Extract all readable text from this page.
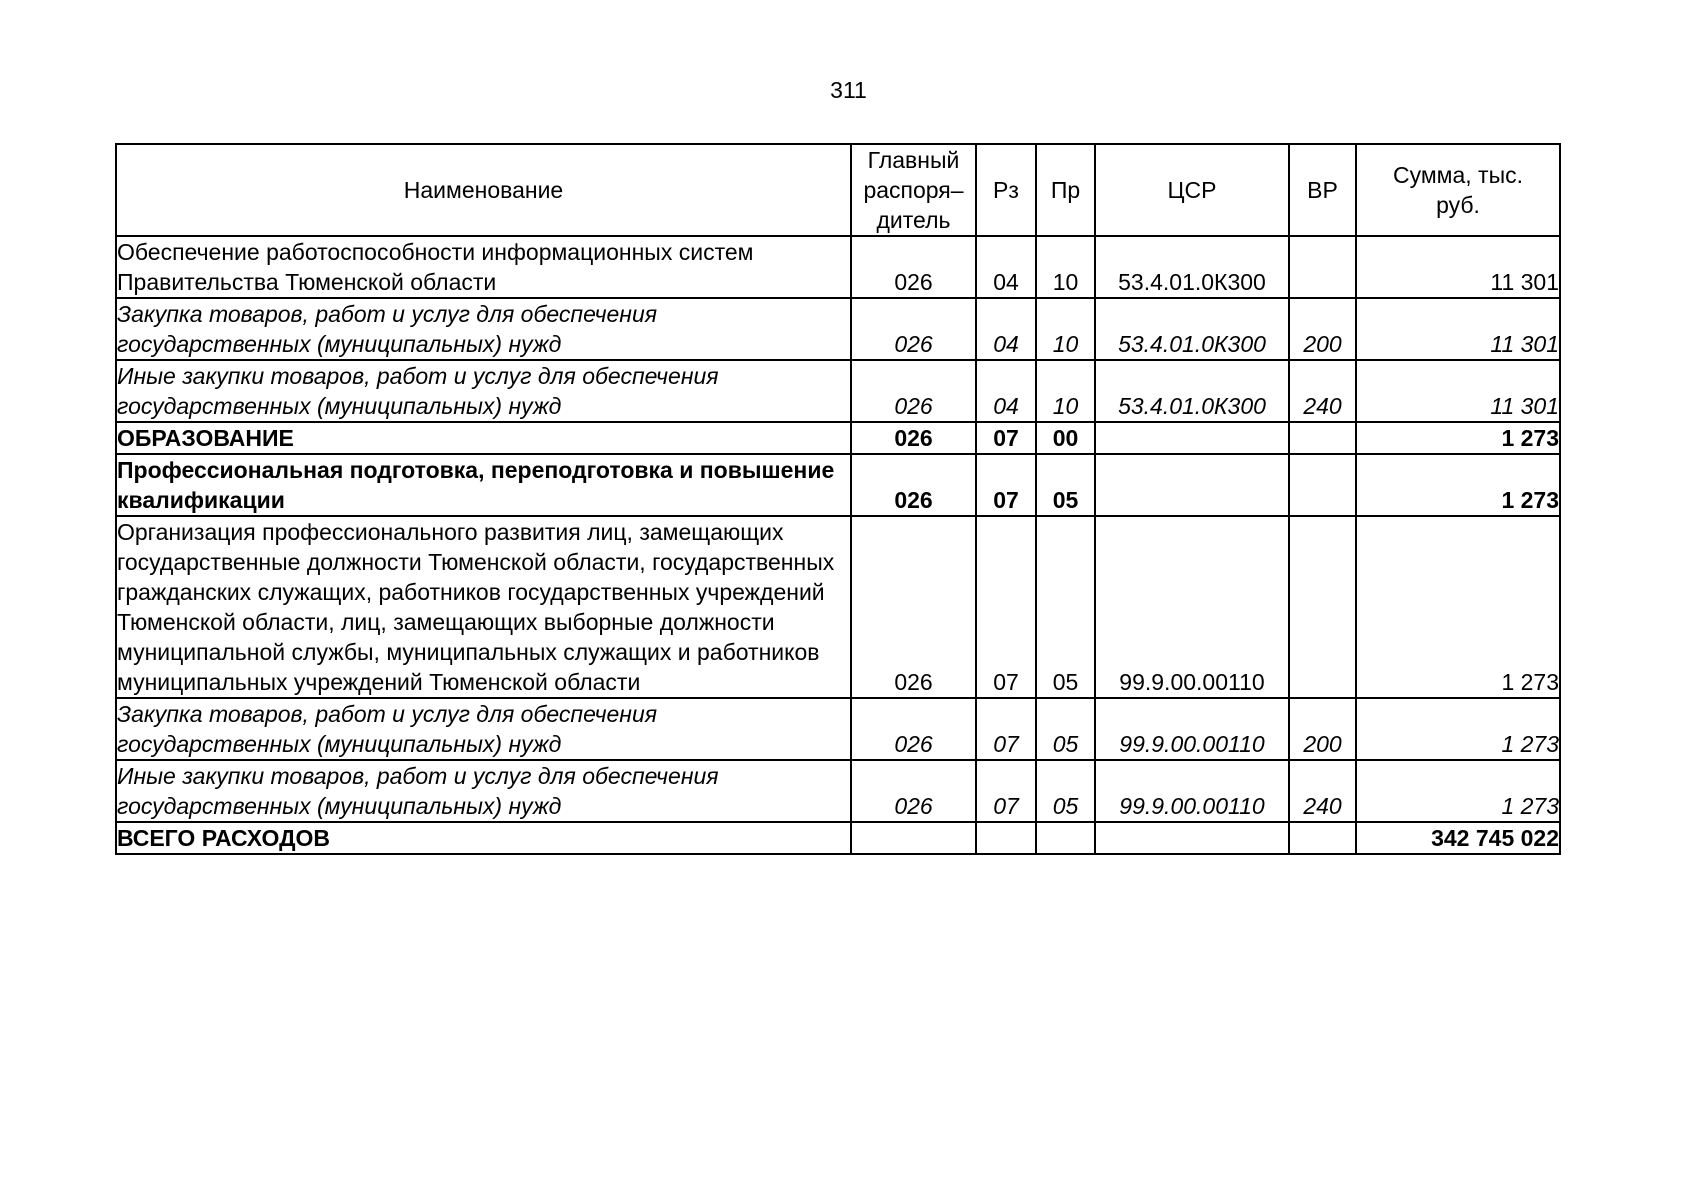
311
Наименование	Главный распоря– дитель	Рз	Пр	ЦСР	ВР	Сумма, тыс. руб.
Обеспечение работоспособности информационных систем Правительства Тюменской области	026	04	10	53.4.01.0К300		11 301
Закупка товаров, работ и услуг для обеспечения государственных (муниципальных) нужд	026	04	10	53.4.01.0К300	200	11 301
Иные закупки товаров, работ и услуг для обеспечения государственных (муниципальных) нужд	026	04	10	53.4.01.0К300	240	11 301
ОБРАЗОВАНИЕ	026	07	00			1 273
Профессиональная подготовка, переподготовка и повышение квалификации	026	07	05			1 273
Организация профессионального развития лиц, замещающих государственные должности Тюменской области, государственных гражданских служащих, работников государственных учреждений Тюменской области, лиц, замещающих выборные должности муниципальной службы, муниципальных служащих и работников муниципальных учреждений Тюменской области	026	07	05	99.9.00.00110		1 273
Закупка товаров, работ и услуг для обеспечения государственных (муниципальных) нужд	026	07	05	99.9.00.00110	200	1 273
Иные закупки товаров, работ и услуг для обеспечения государственных (муниципальных) нужд	026	07	05	99.9.00.00110	240	1 273
ВСЕГО РАСХОДОВ						342 745 022
